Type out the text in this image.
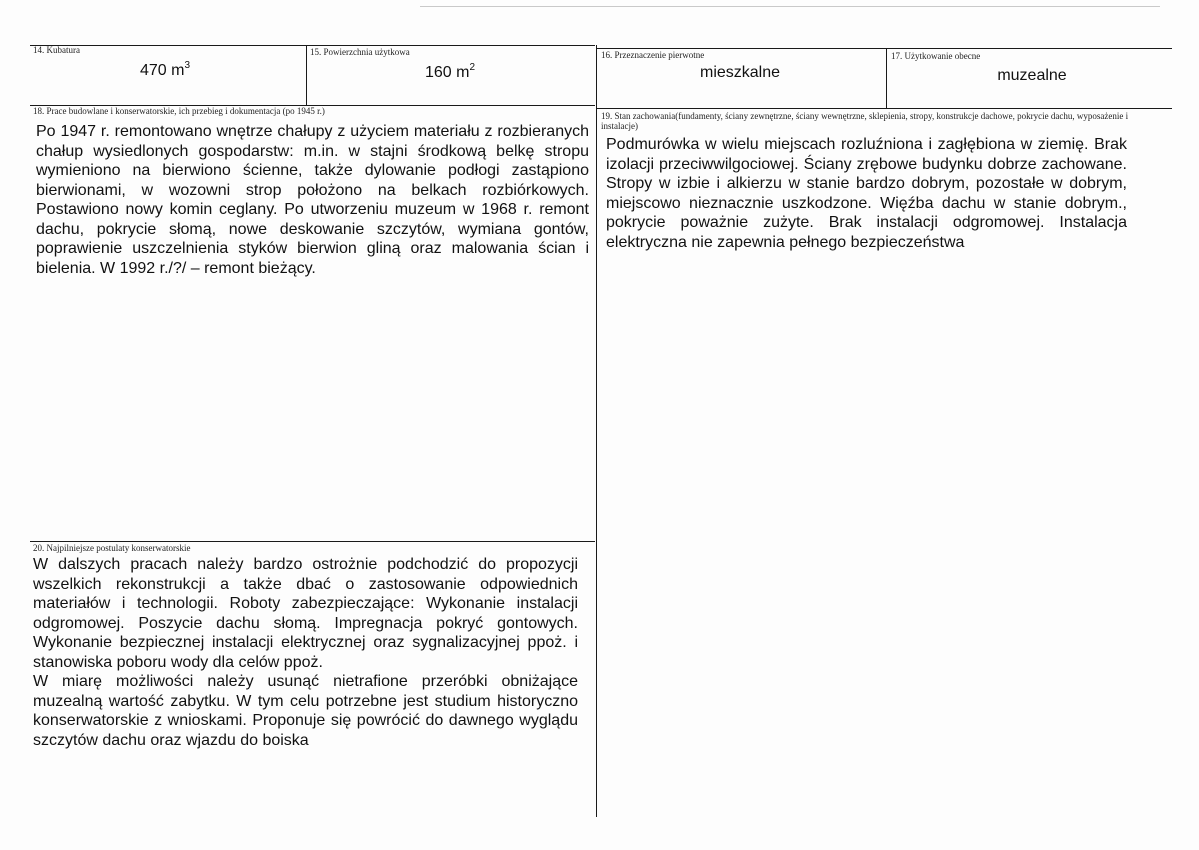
14. Kubatura
470 $m^3$
15. Powierzchnia użytkowa
160 $m^2$
16. Przeznaczenie pierwotne
mieszkalne
17. Użytkowanie obecne
muzealne
18. Prace budowlane i konserwatorskie, ich przebieg i dokumentacja (po 1945 r.)
Po 1947 r. remontowano wnętrze chałupy z użyciem materiału z rozbieranych chałup wysiedlonych gospodarstw: m.in. w stajni środkową belkę stropu wymieniono na bierwiono ścienne, także dylowanie podłogi zastąpiono bierwionami, w wozowni strop położono na belkach rozbiórkowych. Postawiono nowy komin ceglany. Po utworzeniu muzeum w 1968 r. remont dachu, pokrycie słomą, nowe deskowanie szczytów, wymiana gontów, poprawienie uszczelnienia styków bierwion gliną oraz malowania ścian i bielenia. W 1992 r./?/ – remont bieżący.
19. Stan zachowania(fundamenty, ściany zewnętrzne, ściany wewnętrzne, sklepienia, stropy, konstrukcje dachowe, pokrycie dachu, wyposażenie i instalacje)
Podmurówka w wielu miejscach rozluźniona i zagłębiona w ziemię. Brak izolacji przeciwwilgociowej. Ściany zrębowe budynku dobrze zachowane. Stropy w izbie i alkierzu w stanie bardzo dobrym, pozostałe w dobrym, miejscowo nieznacznie uszkodzone. Więźba dachu w stanie dobrym., pokrycie poważnie zużyte. Brak instalacji odgromowej. Instalacja elektryczna nie zapewnia pełnego bezpieczeństwa
20. Najpilniejsze postulaty konserwatorskie

W dalszych pracach należy bardzo ostrożnie podchodzić do propozycji wszelkich rekonstrukcji a także dbać o zastosowanie odpowiednich materiałów i technologii. Roboty zabezpieczające: Wykonanie instalacji odgromowej. Poszycie dachu słomą. Impregnacja pokryć gontowych. Wykonanie bezpiecznej instalacji elektrycznej oraz sygnalizacyjnej ppoż. i stanowiska poboru wody dla celów ppoż.

W miarę możliwości należy usunąć nietrafione przeróbki obniżające muzealną wartość zabytku. W tym celu potrzebne jest studium historyczno konserwatorskie z wnioskami. Proponuje się powrócić do dawnego wyglądu szczytów dachu oraz wjazdu do boiska
